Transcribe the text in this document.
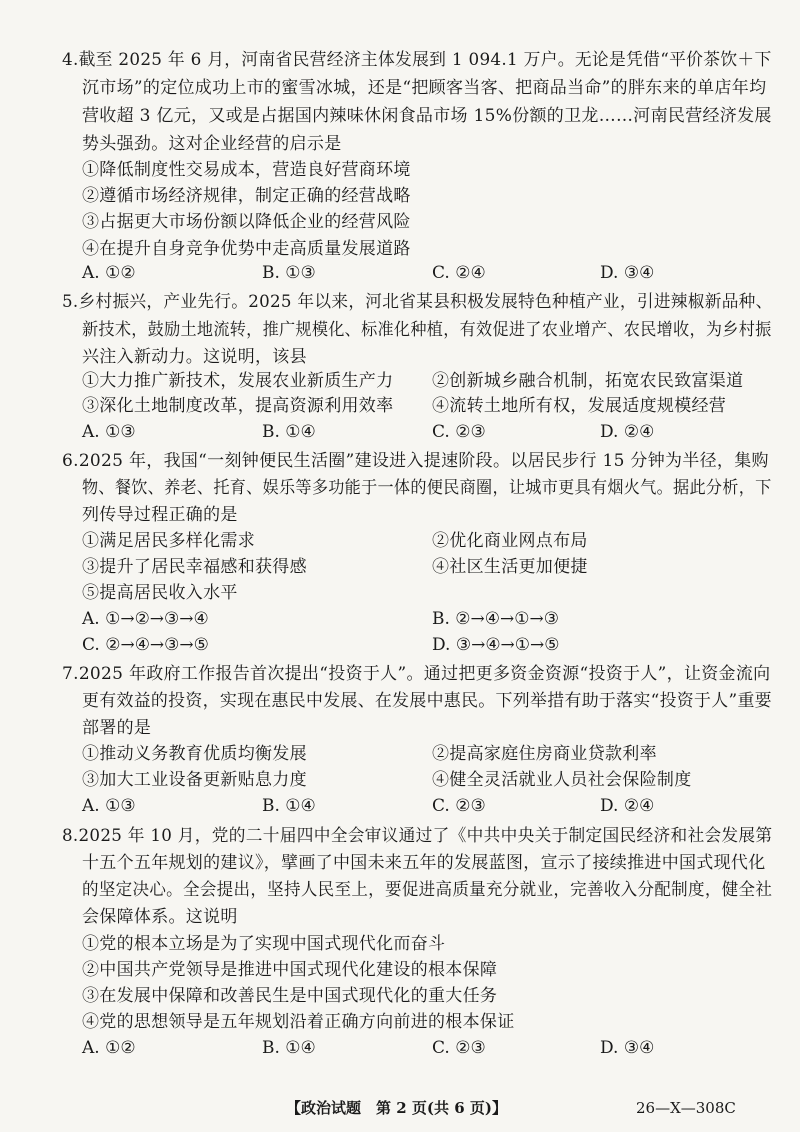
4.截至 2025 年 6 月，河南省民营经济主体发展到 1 094.1 万户。无论是凭借“平价茶饮＋下
沉市场”的定位成功上市的蜜雪冰城，还是“把顾客当客、把商品当命”的胖东来的单店年均
营收超 3 亿元，又或是占据国内辣味休闲食品市场 15%份额的卫龙……河南民营经济发展
势头强劲。这对企业经营的启示是
①降低制度性交易成本，营造良好营商环境
②遵循市场经济规律，制定正确的经营战略
③占据更大市场份额以降低企业的经营风险
④在提升自身竞争优势中走高质量发展道路
A. ①②	B. ①③	C. ②④	D. ③④
5.乡村振兴，产业先行。2025 年以来，河北省某县积极发展特色种植产业，引进辣椒新品种、
新技术，鼓励土地流转，推广规模化、标准化种植，有效促进了农业增产、农民增收，为乡村振
兴注入新动力。这说明，该县
①大力推广新技术，发展农业新质生产力 ②创新城乡融合机制，拓宽农民致富渠道
③深化土地制度改革，提高资源利用效率 ④流转土地所有权，发展适度规模经营
A. ①③	B. ①④	C. ②③	D. ②④
6.2025 年，我国“一刻钟便民生活圈”建设进入提速阶段。以居民步行 15 分钟为半径，集购
物、餐饮、养老、托育、娱乐等多功能于一体的便民商圈，让城市更具有烟火气。据此分析，下
列传导过程正确的是
①满足居民多样化需求	②优化商业网点布局
③提升了居民幸福感和获得感	④社区生活更加便捷
⑤提高居民收入水平
A. ①→②→③→④	B. ②→④→①→③
C. ②→④→③→⑤	D. ③→④→①→⑤
7.2025 年政府工作报告首次提出“投资于人”。通过把更多资金资源“投资于人”，让资金流向
更有效益的投资，实现在惠民中发展、在发展中惠民。下列举措有助于落实“投资于人”重要
部署的是
①推动义务教育优质均衡发展	②提高家庭住房商业贷款利率
③加大工业设备更新贴息力度	④健全灵活就业人员社会保险制度
A. ①③	B. ①④	C. ②③	D. ②④
8.2025 年 10 月，党的二十届四中全会审议通过了《中共中央关于制定国民经济和社会发展第
十五个五年规划的建议》，擘画了中国未来五年的发展蓝图，宣示了接续推进中国式现代化
的坚定决心。全会提出，坚持人民至上，要促进高质量充分就业，完善收入分配制度，健全社
会保障体系。这说明
①党的根本立场是为了实现中国式现代化而奋斗
②中国共产党领导是推进中国式现代化建设的根本保障
③在发展中保障和改善民生是中国式现代化的重大任务
④党的思想领导是五年规划沿着正确方向前进的根本保证
A. ①②	B. ①④	C. ②③	D. ③④
【政治试题　第 2 页(共 6 页)】	26—X—308C
